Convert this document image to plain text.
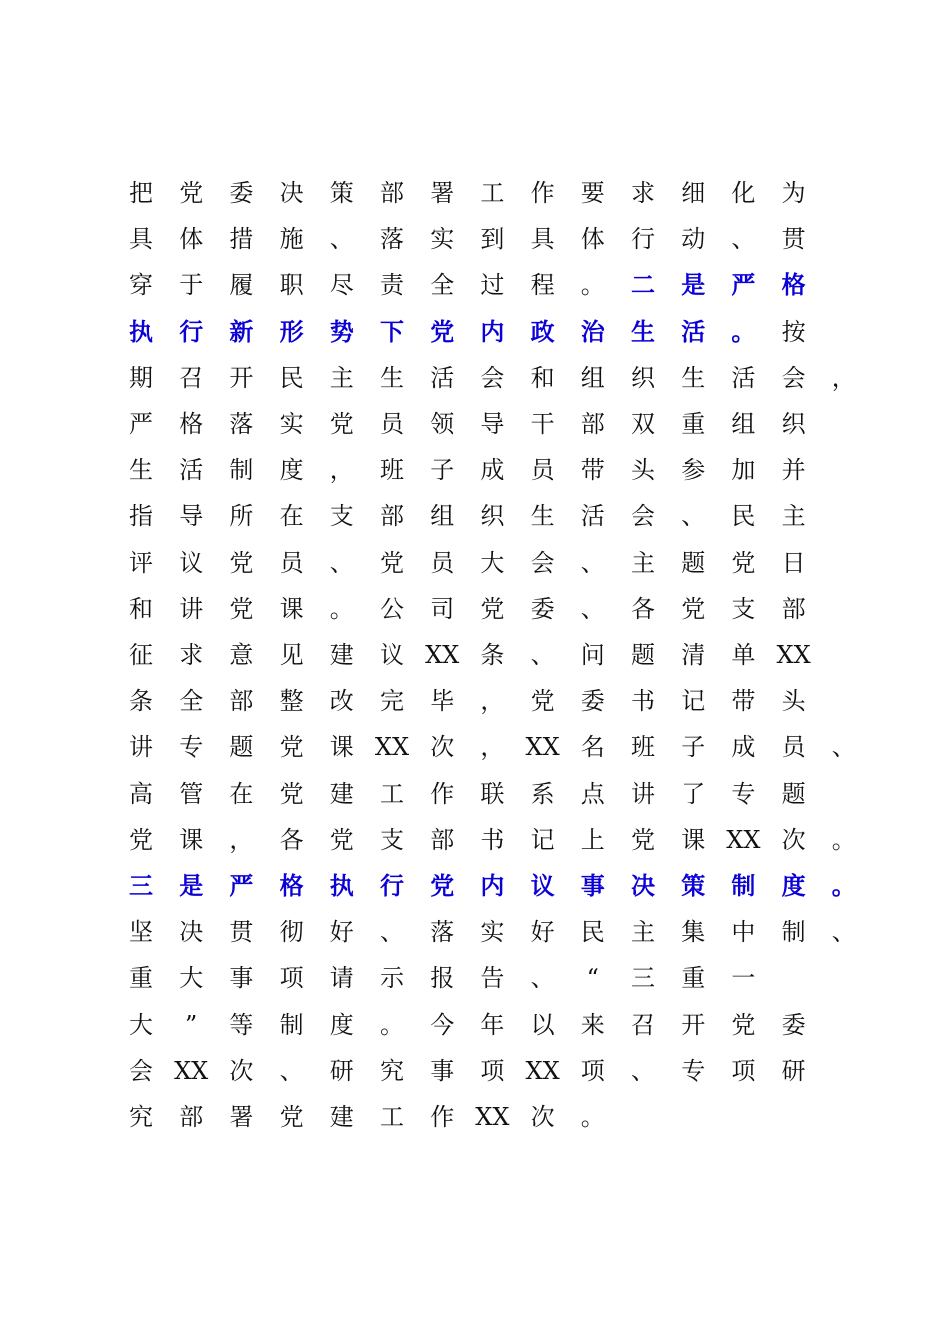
把	党	委	决	策	部	署	工	作	要	求	细	化	为
具	体	措	施	、	落	实	到	具	体	行	动	、	贯
穿	于	履	职	尽	责	全	过	程	。	二	是	严	格
执	行	新	形	势	下	党	内	政	治	生	活	。	按
期	召	开	民	主	生	活	会	和	组	织	生	活	会	，
严	格	落	实	党	员	领	导	干	部	双	重	组	织
生	活	制	度	，	班	子	成	员	带	头	参	加	并
指	导	所	在	支	部	组	织	生	活	会	、	民	主
评	议	党	员	、	党	员	大	会	、	主	题	党	日
和	讲	党	课	。	公	司	党	委	、	各	党	支	部
征	求	意	见	建	议 XX 条	、	问	题	清	单 XX
条	全	部	整	改	完	毕	，	党	委	书	记	带	头
讲	专	题	党	课 XX 次	， XX 名	班	子	成	员	、
高	管	在	党	建	工	作	联	系	点	讲	了	专	题
党	课	，	各	党	支	部	书	记	上	党	课 XX 次	。
三	是	严	格	执	行	党	内	议	事	决	策	制	度	。
坚	决	贯	彻	好	、	落	实	好	民	主	集	中	制	、
重	大	事	项	请	示	报	告	、	“	三	重	一
大	”	等	制	度	。	今	年	以	来	召	开	党	委
会 XX 次	、	研	究	事	项 XX 项	、	专	项	研
究	部	署	党	建	工	作 XX 次	。
